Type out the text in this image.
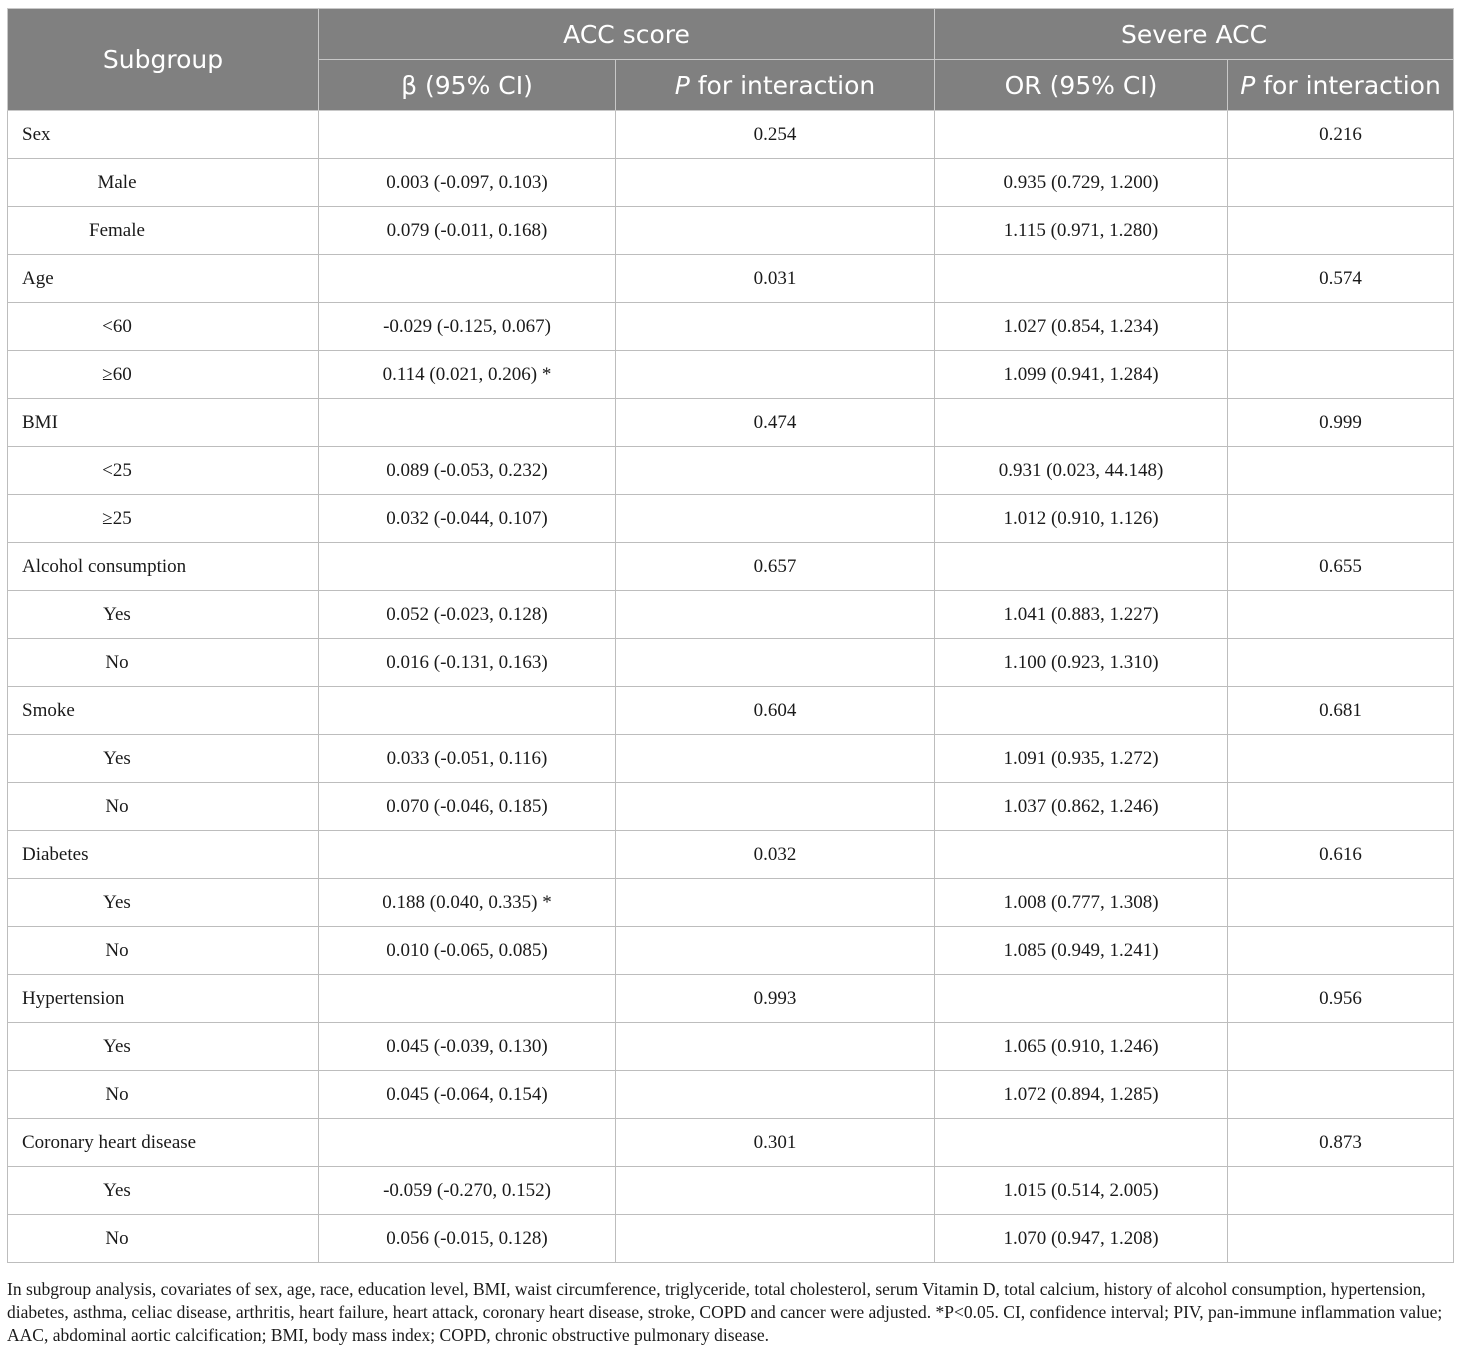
Subgroup	ACC score		Severe ACC	
	β (95% CI)	P for interaction	OR (95% CI)	P for interaction
Sex		0.254		0.216
Male	0.003 (-0.097, 0.103)		0.935 (0.729, 1.200)	
Female	0.079 (-0.011, 0.168)		1.115 (0.971, 1.280)	
Age		0.031		0.574
<60	-0.029 (-0.125, 0.067)		1.027 (0.854, 1.234)	
≥60	0.114 (0.021, 0.206) *		1.099 (0.941, 1.284)	
BMI		0.474		0.999
<25	0.089 (-0.053, 0.232)		0.931 (0.023, 44.148)	
≥25	0.032 (-0.044, 0.107)		1.012 (0.910, 1.126)	
Alcohol consumption		0.657		0.655
Yes	0.052 (-0.023, 0.128)		1.041 (0.883, 1.227)	
No	0.016 (-0.131, 0.163)		1.100 (0.923, 1.310)	
Smoke		0.604		0.681
Yes	0.033 (-0.051, 0.116)		1.091 (0.935, 1.272)	
No	0.070 (-0.046, 0.185)		1.037 (0.862, 1.246)	
Diabetes		0.032		0.616
Yes	0.188 (0.040, 0.335) *		1.008 (0.777, 1.308)	
No	0.010 (-0.065, 0.085)		1.085 (0.949, 1.241)	
Hypertension		0.993		0.956
Yes	0.045 (-0.039, 0.130)		1.065 (0.910, 1.246)	
No	0.045 (-0.064, 0.154)		1.072 (0.894, 1.285)	
Coronary heart disease		0.301		0.873
Yes	-0.059 (-0.270, 0.152)		1.015 (0.514, 2.005)	
No	0.056 (-0.015, 0.128)		1.070 (0.947, 1.208)	
In subgroup analysis, covariates of sex, age, race, education level, BMI, waist circumference, triglyceride, total cholesterol, serum Vitamin D, total calcium, history of alcohol consumption, hypertension, diabetes, asthma, celiac disease, arthritis, heart failure, heart attack, coronary heart disease, stroke, COPD and cancer were adjusted. *P<0.05. CI, confidence interval; PIV, pan-immune inflammation value; AAC, abdominal aortic calcification; BMI, body mass index; COPD, chronic obstructive pulmonary disease.
